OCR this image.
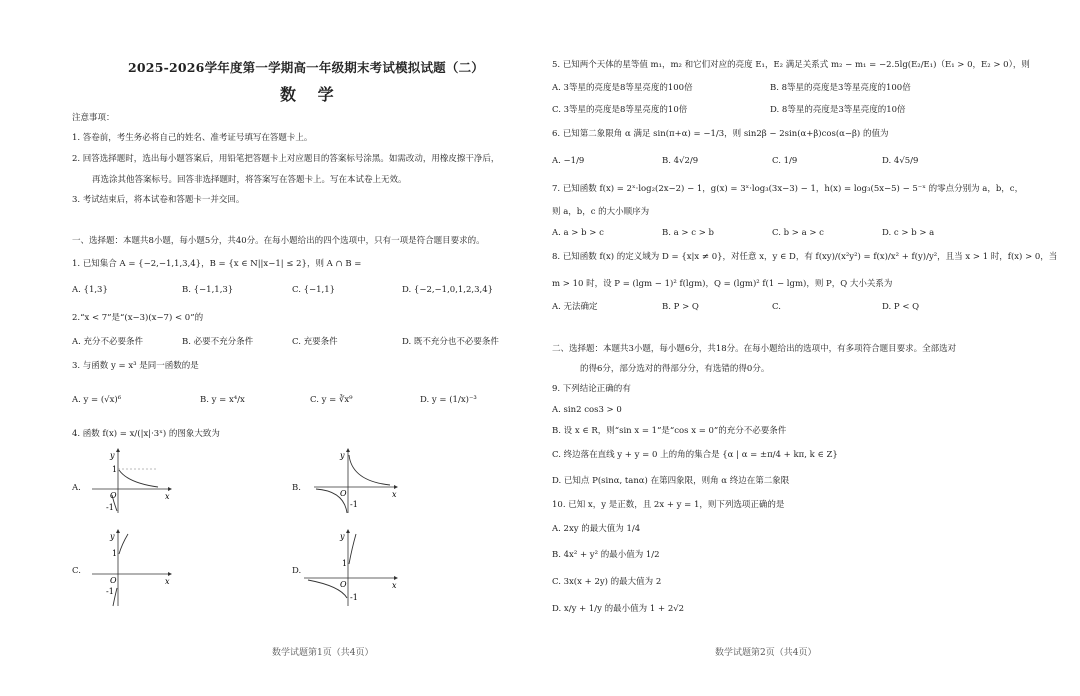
2025-2026学年度第一学期高一年级期末考试模拟试题（二）
数 学
注意事项：
1. 答卷前，考生务必将自己的姓名、准考证号填写在答题卡上。
2. 回答选择题时，选出每小题答案后，用铅笔把答题卡上对应题目的答案标号涂黑。如需改动，用橡皮擦干净后，
再选涂其他答案标号。回答非选择题时，将答案写在答题卡上。写在本试卷上无效。
3. 考试结束后，将本试卷和答题卡一并交回。
一、选择题：本题共8小题，每小题5分，共40分。在每小题给出的四个选项中，只有一项是符合题目要求的。
1. 已知集合 A = {−2,−1,1,3,4}，B = {x ∈ N||x−1| ≤ 2}，则 A ∩ B =
A. {1,3}	B. {−1,1,3}	C. {−1,1}	D. {−2,−1,0,1,2,3,4}
2.“x < 7”是“(x−3)(x−7) < 0”的
A. 充分不必要条件	B. 必要不充分条件	C. 充要条件	D. 既不充分也不必要条件
3. 与函数 y = x³ 是同一函数的是
A. y = (√x)⁶	B. y = x⁴/x	C. y = ∛x⁹	D. y = (1/x)⁻³
4. 函数 f(x) = x/(|x|·3ˣ) 的图象大致为
A.	B.
C.	D.
y
x
O
1
-1
y
x
O
-1
y
x
O
1
-1
y
x
O
1
-1
数学试题第1页（共4页）
5. 已知两个天体的星等值 m₁，m₂ 和它们对应的亮度 E₁，E₂ 满足关系式 m₂ − m₁ = −2.5lg(E₂/E₁)（E₁ > 0，E₂ > 0），则
A. 3等星的亮度是8等星亮度的100倍	B. 8等星的亮度是3等星亮度的100倍
C. 3等星的亮度是8等星亮度的10倍	D. 8等星的亮度是3等星亮度的10倍
6. 已知第二象限角 α 满足 sin(π+α) = −1/3，则 sin2β − 2sin(α+β)cos(α−β) 的值为
A. −1/9	B. 4√2/9	C. 1/9	D. 4√5/9
7. 已知函数 f(x) = 2ˣ·log₂(2x−2) − 1，g(x) = 3ˣ·log₃(3x−3) − 1，h(x) = log₃(5x−5) − 5⁻ˣ 的零点分别为 a，b，c，
则 a，b，c 的大小顺序为
A. a > b > c	B. a > c > b	C. b > a > c	D. c > b > a
8. 已知函数 f(x) 的定义域为 D = {x|x ≠ 0}，对任意 x，y ∈ D，有 f(xy)/(x²y²) = f(x)/x² + f(y)/y²，且当 x > 1 时，f(x) > 0，当
m > 10 时，设 P = (lgm − 1)² f(lgm)，Q = (lgm)² f(1 − lgm)，则 P，Q 大小关系为
A. 无法确定	B. P > Q	C.	D. P < Q
二、选择题：本题共3小题，每小题6分，共18分。在每小题给出的选项中，有多项符合题目要求。全部选对
的得6分，部分选对的得部分分，有选错的得0分。
9. 下列结论正确的有
A. sin2 cos3 > 0
B. 设 x ∈ R，则“sin x = 1”是“cos x = 0”的充分不必要条件
C. 终边落在直线 y + y = 0 上的角的集合是 {α | α = ±π/4 + kπ, k ∈ Z}
D. 已知点 P(sinα, tanα) 在第四象限，则角 α 终边在第二象限
10. 已知 x，y 是正数，且 2x + y = 1，则下列选项正确的是
A. 2xy 的最大值为 1/4
B. 4x² + y² 的最小值为 1/2
C. 3x(x + 2y) 的最大值为 2
D. x/y + 1/y 的最小值为 1 + 2√2
数学试题第2页（共4页）
